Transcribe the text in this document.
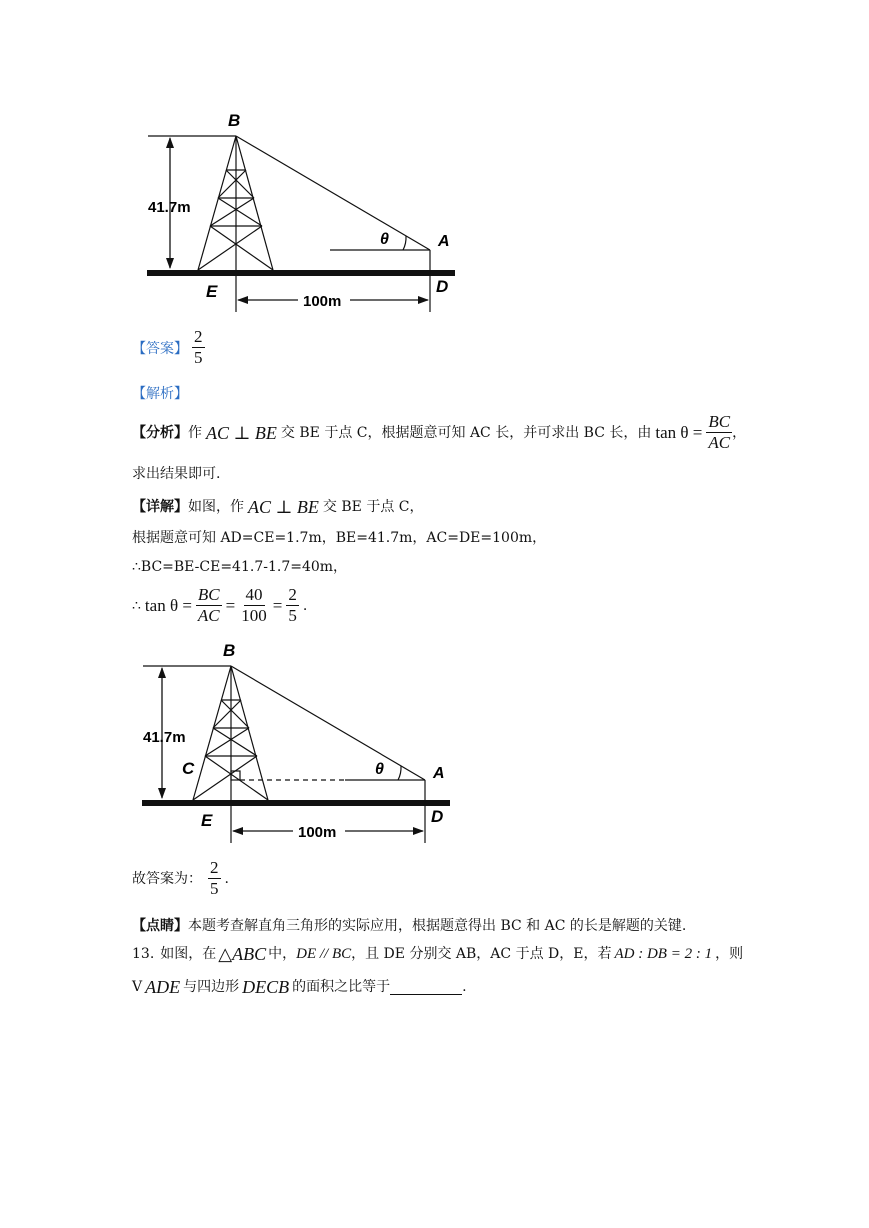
B
A
E	D
θ
41.7m
100m
【答案】 $\frac{2}{5}$
【解析】
【分析】 作 AC ⊥ BE 交 BE 于点 C，根据题意可知 AC 长，并可求出 BC 长，由 $\tan \theta = \frac{BC}{AC}$ ，
求出结果即可.
【详解】 如图，作 AC ⊥ BE 交 BE 于点 C，
根据题意可知 AD=CE=1.7m，BE=41.7m，AC=DE=100m，
∴BC=BE-CE=41.7-1.7=40m，
∴ $\tan \theta = \frac{BC}{AC} = \frac{40}{100} = \frac{2}{5}$ .
B
A
C
E	D
θ
41.7m
100m
故答案为： $\frac{2}{5}$ .
【点睛】本题考查解直角三角形的实际应用，根据题意得出 BC 和 AC 的长是解题的关键.
13. 如图，在 △ABC 中， DE // BC ，且 DE 分别交 AB，AC 于点 D，E，若 AD : DB = 2 : 1 ，则
V ADE 与四边形 DECB 的面积之比等于	.
